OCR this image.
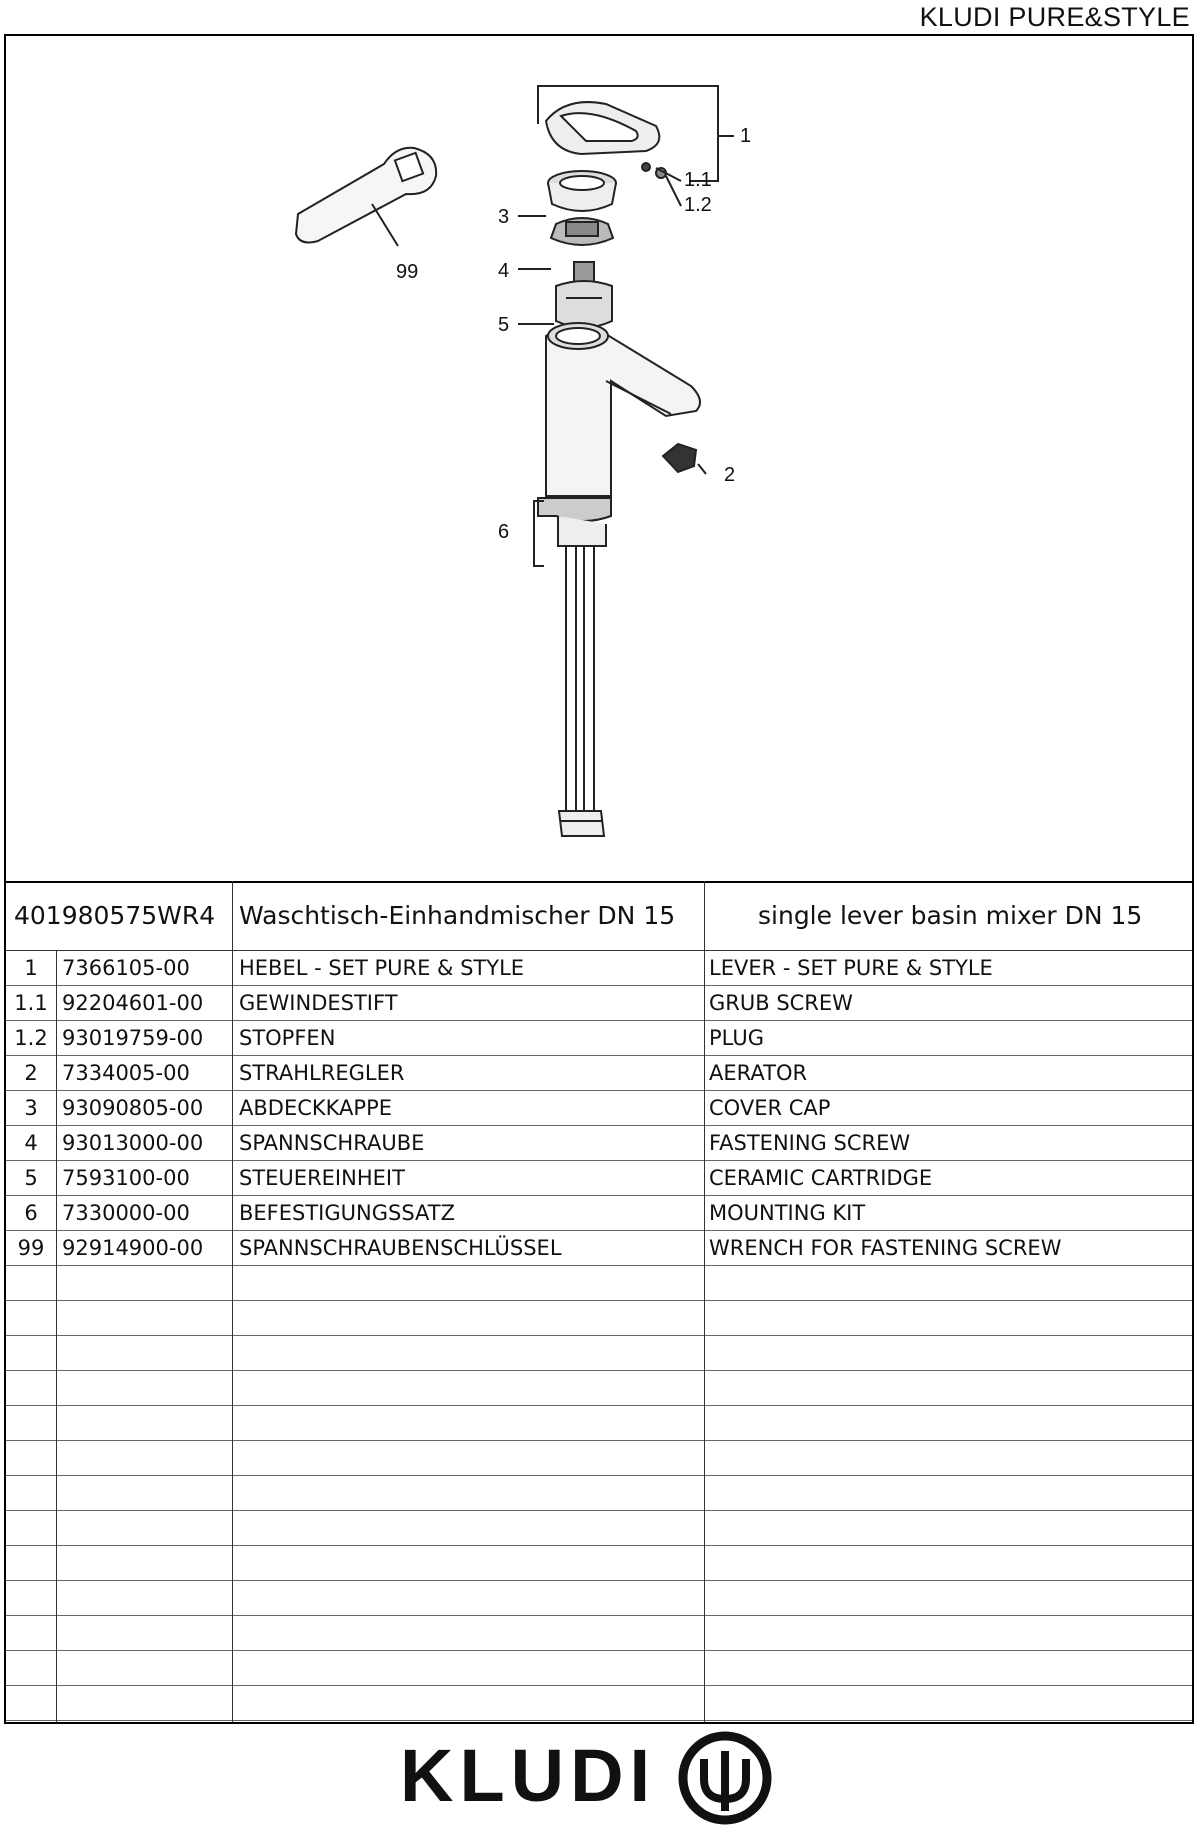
KLUDI PURE&STYLE
1
1.1
1.2
3
4
5
2
6
99
401980575WR4 Waschtisch-Einhandmischer DN 15	single lever basin mixer DN 15
1	7366105-00	HEBEL - SET PURE & STYLE	LEVER - SET PURE & STYLE
1.1 92204601-00	GEWINDESTIFT	GRUB SCREW
1.2 93019759-00	STOPFEN	PLUG
2	7334005-00	STRAHLREGLER	AERATOR
3	93090805-00	ABDECKKAPPE	COVER CAP
4	93013000-00	SPANNSCHRAUBE	FASTENING SCREW
5	7593100-00	STEUEREINHEIT	CERAMIC CARTRIDGE
6	7330000-00	BEFESTIGUNGSSATZ	MOUNTING KIT
99 92914900-00	SPANNSCHRAUBENSCHLÜSSEL	WRENCH FOR FASTENING SCREW
KLUDI
